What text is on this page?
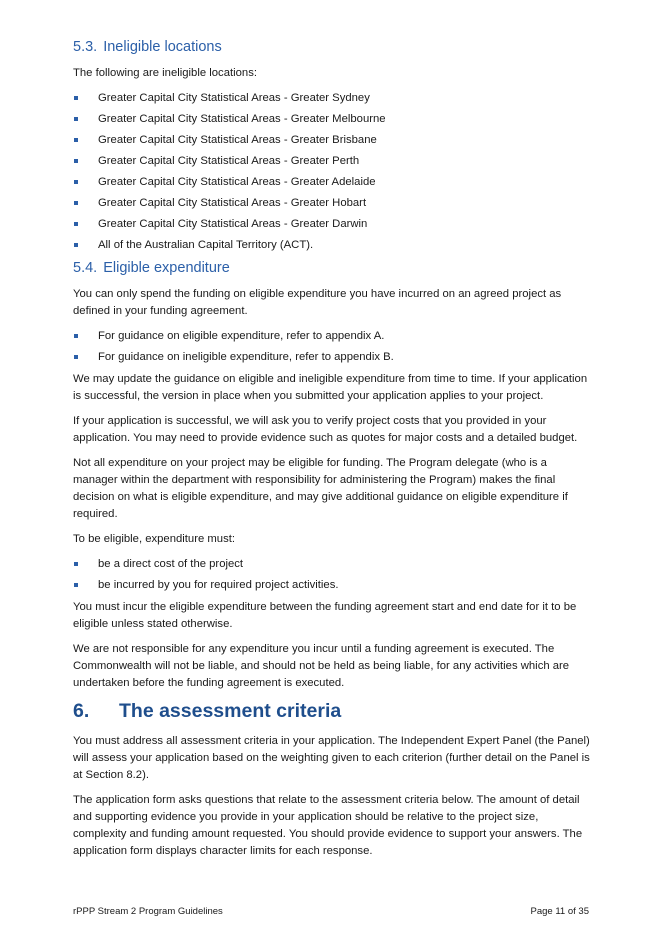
5.3. Ineligible locations

The following are ineligible locations:

Greater Capital City Statistical Areas - Greater Sydney
Greater Capital City Statistical Areas - Greater Melbourne
Greater Capital City Statistical Areas - Greater Brisbane
Greater Capital City Statistical Areas - Greater Perth
Greater Capital City Statistical Areas - Greater Adelaide
Greater Capital City Statistical Areas - Greater Hobart
Greater Capital City Statistical Areas - Greater Darwin
All of the Australian Capital Territory (ACT).
5.4. Eligible expenditure

You can only spend the funding on eligible expenditure you have incurred on an agreed project as defined in your funding agreement.

For guidance on eligible expenditure, refer to appendix A.
For guidance on ineligible expenditure, refer to appendix B.

We may update the guidance on eligible and ineligible expenditure from time to time. If your application is successful, the version in place when you submitted your application applies to your project.

If your application is successful, we will ask you to verify project costs that you provided in your application. You may need to provide evidence such as quotes for major costs and a detailed budget.

Not all expenditure on your project may be eligible for funding. The Program delegate (who is a manager within the department with responsibility for administering the Program) makes the final decision on what is eligible expenditure, and may give additional guidance on eligible expenditure if required.

To be eligible, expenditure must:

be a direct cost of the project
be incurred by you for required project activities.

You must incur the eligible expenditure between the funding agreement start and end date for it to be eligible unless stated otherwise.

We are not responsible for any expenditure you incur until a funding agreement is executed. The Commonwealth will not be liable, and should not be held as being liable, for any activities which are undertaken before the funding agreement is executed.

6. The assessment criteria

You must address all assessment criteria in your application. The Independent Expert Panel (the Panel) will assess your application based on the weighting given to each criterion (further detail on the Panel is at Section 8.2).

The application form asks questions that relate to the assessment criteria below. The amount of detail and supporting evidence you provide in your application should be relative to the project size, complexity and funding amount requested. You should provide evidence to support your answers. The application form displays character limits for each response.

rPPP Stream 2 Program Guidelines	Page 11 of 35
